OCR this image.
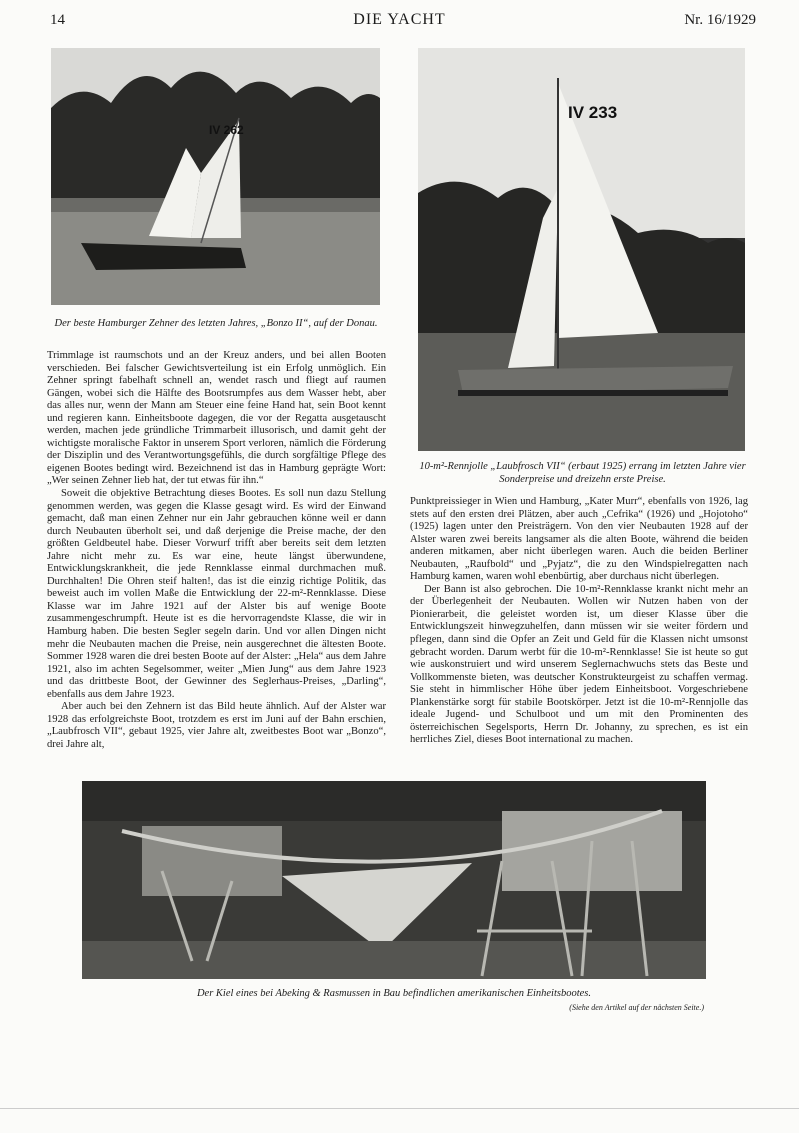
14	DIE YACHT	Nr. 16/1929
IV 262
Der beste Hamburger Zehner des letzten Jahres, „Bonzo II“, auf der Donau.
IV 233
10-m²-Rennjolle „Laubfrosch VII“ (erbaut 1925) errang im letzten Jahre vier Sonderpreise und dreizehn erste Preise.

Trimmlage ist raumschots und an der Kreuz anders, und bei allen Booten verschieden. Bei falscher Gewichtsverteilung ist ein Erfolg unmöglich. Ein Zehner springt fabelhaft schnell an, wendet rasch und fliegt auf raumen Gängen, wobei sich die Hälfte des Bootsrumpfes aus dem Wasser hebt, aber das alles nur, wenn der Mann am Steuer eine feine Hand hat, sein Boot kennt und regieren kann. Einheitsboote dagegen, die vor der Regatta ausgetauscht werden, machen jede gründliche Trimmarbeit illusorisch, und damit geht der wichtigste moralische Faktor in unserem Sport verloren, nämlich die Förderung der Disziplin und des Verantwortungsgefühls, die durch sorgfältige Pflege des eigenen Bootes bedingt wird. Bezeichnend ist das in Hamburg geprägte Wort: „Wer seinen Zehner lieb hat, der tut etwas für ihn.“

Soweit die objektive Betrachtung dieses Bootes. Es soll nun dazu Stellung genommen werden, was gegen die Klasse gesagt wird. Es wird der Einwand gemacht, daß man einen Zehner nur ein Jahr gebrauchen könne weil er dann durch Neubauten überholt sei, und daß derjenige die Preise mache, der den größten Geldbeutel habe. Dieser Vorwurf trifft aber bereits seit dem letzten Jahre nicht mehr zu. Es war eine, heute längst überwundene, Entwicklungskrankheit, die jede Rennklasse einmal durchmachen muß. Durchhalten! Die Ohren steif halten!, das ist die einzig richtige Politik, das beweist auch im vollen Maße die Entwicklung der 22-m²-Rennklasse. Diese Klasse war im Jahre 1921 auf der Alster bis auf wenige Boote zusammengeschrumpft. Heute ist es die hervorragendste Klasse, die wir in Hamburg haben. Die besten Segler segeln darin. Und vor allen Dingen nicht mehr die Neubauten machen die Preise, nein ausgerechnet die ältesten Boote. Sommer 1928 waren die drei besten Boote auf der Alster: „Hela“ aus dem Jahre 1921, also im achten Segelsommer, weiter „Mien Jung“ aus dem Jahre 1923 und das drittbeste Boot, der Gewinner des Seglerhaus-Preises, „Darling“, ebenfalls aus dem Jahre 1923.

Aber auch bei den Zehnern ist das Bild heute ähnlich. Auf der Alster war 1928 das erfolgreichste Boot, trotzdem es erst im Juni auf der Bahn erschien, „Laubfrosch VII“, gebaut 1925, vier Jahre alt, zweitbestes Boot war „Bonzo“, drei Jahre alt,

Punktpreissieger in Wien und Hamburg, „Kater Murr“, ebenfalls von 1926, lag stets auf den ersten drei Plätzen, aber auch „Cefrika“ (1926) und „Hojotoho“ (1925) lagen unter den Preisträgern. Von den vier Neubauten 1928 auf der Alster waren zwei bereits langsamer als die alten Boote, während die beiden anderen mitkamen, aber nicht überlegen waren. Auch die beiden Berliner Neubauten, „Raufbold“ und „Pyjatz“, die zu den Windspielregatten nach Hamburg kamen, waren wohl ebenbürtig, aber durchaus nicht überlegen.

Der Bann ist also gebrochen. Die 10-m²-Rennklasse krankt nicht mehr an der Überlegenheit der Neubauten. Wollen wir Nutzen haben von der Pionierarbeit, die geleistet worden ist, um dieser Klasse über die Entwicklungszeit hinwegzuhelfen, dann müssen wir sie weiter fördern und pflegen, dann sind die Opfer an Zeit und Geld für die Klassen nicht umsonst gebracht worden. Darum werbt für die 10-m²-Rennklasse! Sie ist heute so gut wie auskonstruiert und wird unserem Seglernachwuchs stets das Beste und Vollkommenste bieten, was deutscher Konstrukteurgeist zu schaffen vermag. Sie steht in himmlischer Höhe über jedem Einheitsboot. Vorgeschriebene Plankenstärke sorgt für stabile Bootskörper. Jetzt ist die 10-m²-Rennjolle das ideale Jugend- und Schulboot und um mit den Prominenten des österreichischen Segelsports, Herrn Dr. Johanny, zu sprechen, es ist ein herrliches Ziel, dieses Boot international zu machen.

Der Kiel eines bei Abeking & Rasmussen in Bau befindlichen amerikanischen Einheitsbootes.
(Siehe den Artikel auf der nächsten Seite.)
